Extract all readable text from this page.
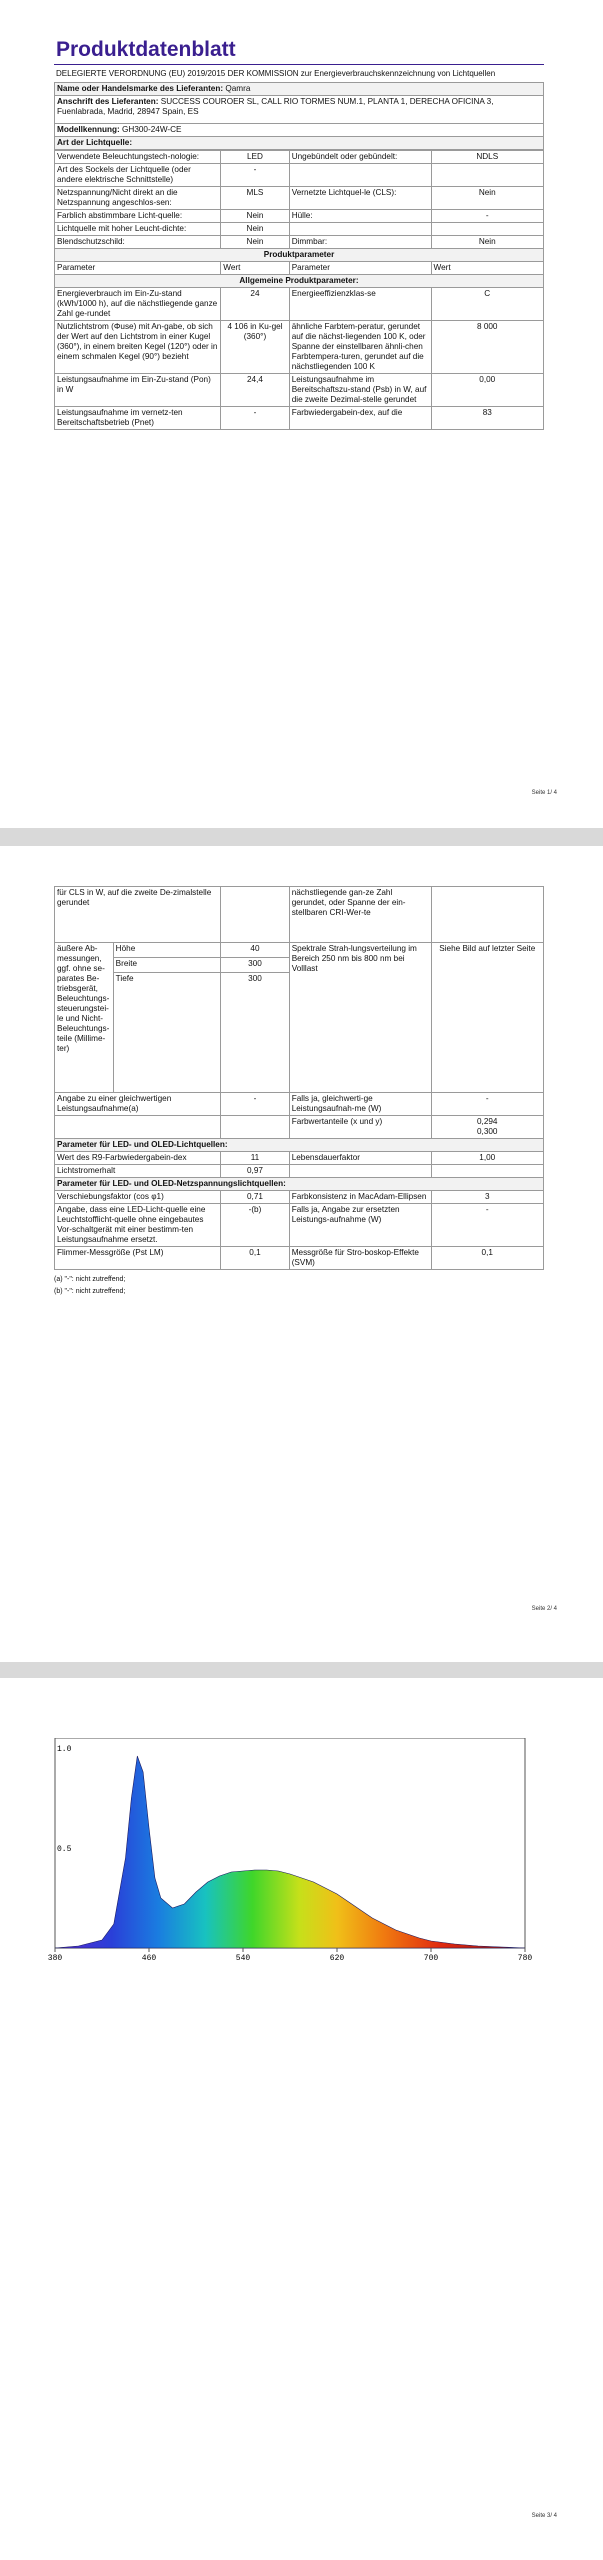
Produktdatenblatt
DELEGIERTE VERORDNUNG (EU) 2019/2015 DER KOMMISSION zur Energieverbrauchskennzeichnung von Lichtquellen
Name oder Handelsmarke des Lieferanten: Qamra
Anschrift des Lieferanten: SUCCESS COUROER SL, CALL RIO TORMES NUM.1, PLANTA 1, DERECHA OFICINA 3, Fuenlabrada, Madrid, 28947 Spain, ES
Modellkennung: GH300-24W-CE
Art der Lichtquelle:
Verwendete Beleuchtungstech-nologie:	LED	Ungebündelt oder gebündelt:	NDLS
Art des Sockels der Lichtquelle (oder andere elektrische Schnittstelle)	-		
Netzspannung/Nicht direkt an die Netzspannung angeschlos-sen:	MLS	Vernetzte Lichtquel-le (CLS):	Nein
Farblich abstimmbare Licht-quelle:	Nein	Hülle:	-
Lichtquelle mit hoher Leucht-dichte:	Nein		
Blendschutzschild:	Nein	Dimmbar:	Nein
Produktparameter			
Parameter	Wert	Parameter	Wert
Allgemeine Produktparameter:			
Energieverbrauch im Ein-Zu-stand (kWh/1000 h), auf die nächstliegende ganze Zahl ge-rundet	24	Energieeffizienzklas-se	C
Nutzlichtstrom (Φuse) mit An-gabe, ob sich der Wert auf den Lichtstrom in einer Kugel (360°), in einem breiten Kegel (120°) oder in einem schmalen Kegel (90°) bezieht	4 106 in Ku-gel (360°)	ähnliche Farbtem-peratur, gerundet auf die nächst-liegenden 100 K, oder Spanne der einstellbaren ähnli-chen Farbtempera-turen, gerundet auf die nächstliegenden 100 K	8 000
Leistungsaufnahme im Ein-Zu-stand (Pon) in W	24,4	Leistungsaufnahme im Bereitschaftszu-stand (Psb) in W, auf die zweite Dezimal-stelle gerundet	0,00
Leistungsaufnahme im vernetz-ten Bereitschaftsbetrieb (Pnet)	-	Farbwiedergabein-dex, auf die	83
Seite 1/ 4
für CLS in W, auf die zweite De-zimalstelle gerundet			nächstliegende gan-ze Zahl gerundet, oder Spanne der ein-stellbaren CRI-Wer-te	
äußere Ab-messungen, ggf. ohne se-parates Be-triebsgerät, Beleuchtungs-steuerungstei-le und Nicht-Beleuchtungs-teile (Millime-ter)	Höhe	40	Spektrale Strah-lungsverteilung im Bereich 250 nm bis 800 nm bei Volllast	Siehe Bild auf letzter Seite
	Breite	300		
	Tiefe	300		
Angabe zu einer gleichwertigen Leistungsaufnahme(a)		-	Falls ja, gleichwerti-ge Leistungsaufnah-me (W)	-
			Farbwertanteile (x und y)	0,294
0,300
Parameter für LED- und OLED-Lichtquellen:				
Wert des R9-Farbwiedergabein-dex		11	Lebensdauerfaktor	1,00
Lichtstromerhalt		0,97		
Parameter für LED- und OLED-Netzspannungslichtquellen:				
Verschiebungsfaktor (cos φ1)		0,71	Farbkonsistenz in MacAdam-Ellipsen	3
Angabe, dass eine LED-Licht-quelle eine Leuchtstofflicht-quelle ohne eingebautes Vor-schaltgerät mit einer bestimm-ten Leistungsaufnahme ersetzt.		-(b)	Falls ja, Angabe zur ersetzten Leistungs-aufnahme (W)	-
Flimmer-Messgröße (Pst LM)		0,1	Messgröße für Stro-boskop-Effekte (SVM)	0,1
(a) "-": nicht zutreffend;
(b) "-": nicht zutreffend;
Seite 2/ 4
380	460	540	620	700	780
0.5
1.0
Seite 3/ 4
